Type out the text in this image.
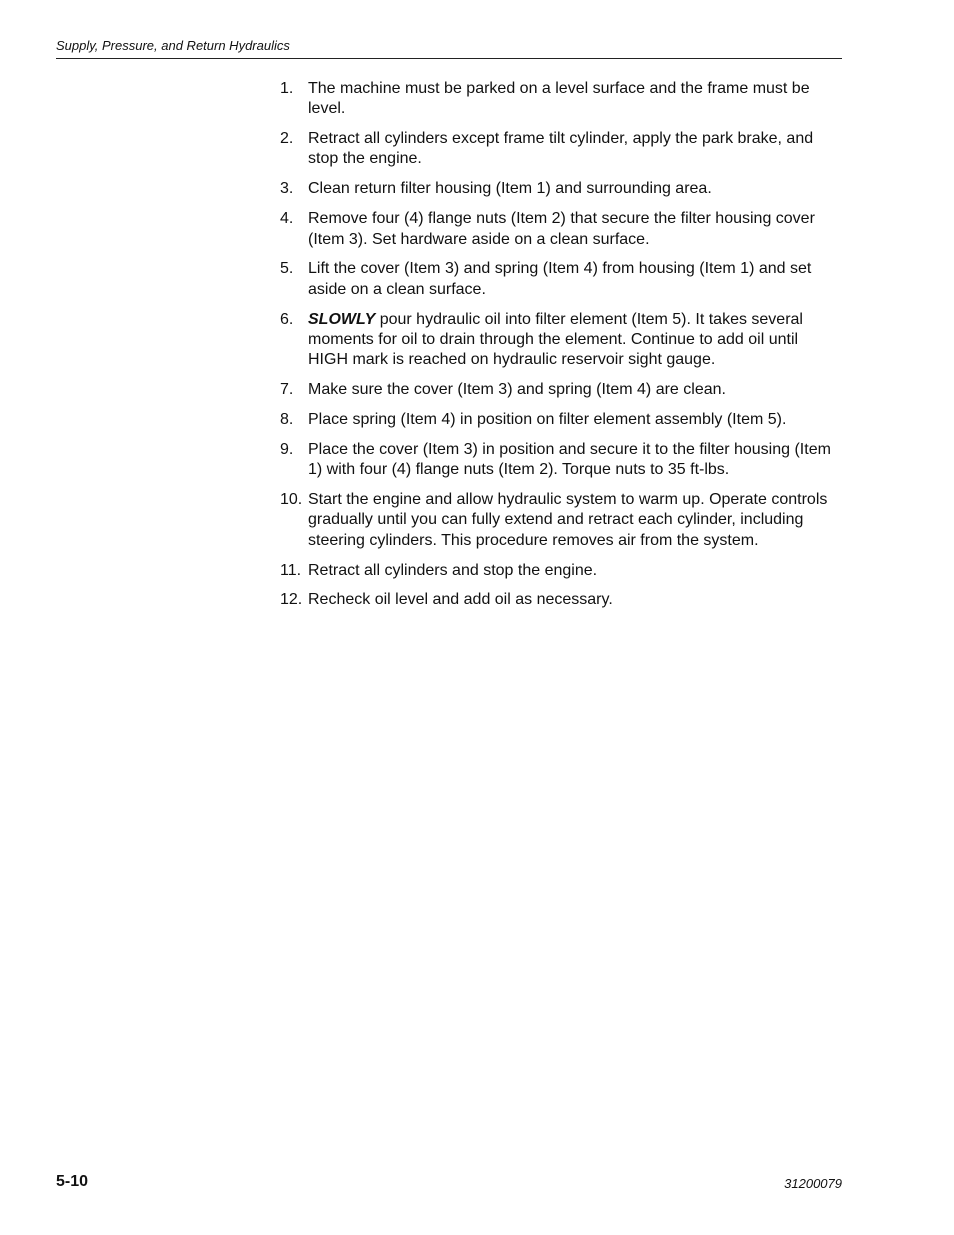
Supply, Pressure, and Return Hydraulics
1. The machine must be parked on a level surface and the frame must be level.
2. Retract all cylinders except frame tilt cylinder, apply the park brake, and stop the engine.
3. Clean return filter housing (Item 1) and surrounding area.
4. Remove four (4) flange nuts (Item 2) that secure the filter housing cover (Item 3). Set hardware aside on a clean surface.
5. Lift the cover (Item 3) and spring (Item 4) from housing (Item 1) and set aside on a clean surface.
6. SLOWLY pour hydraulic oil into filter element (Item 5). It takes several moments for oil to drain through the element. Continue to add oil until HIGH mark is reached on hydraulic reservoir sight gauge.
7. Make sure the cover (Item 3) and spring (Item 4) are clean.
8. Place spring (Item 4) in position on filter element assembly (Item 5).
9. Place the cover (Item 3) in position and secure it to the filter housing (Item 1) with four (4) flange nuts (Item 2). Torque nuts to 35 ft-lbs.
10. Start the engine and allow hydraulic system to warm up. Operate controls gradually until you can fully extend and retract each cylinder, including steering cylinders. This procedure removes air from the system.
11. Retract all cylinders and stop the engine.
12. Recheck oil level and add oil as necessary.
5-10	31200079
